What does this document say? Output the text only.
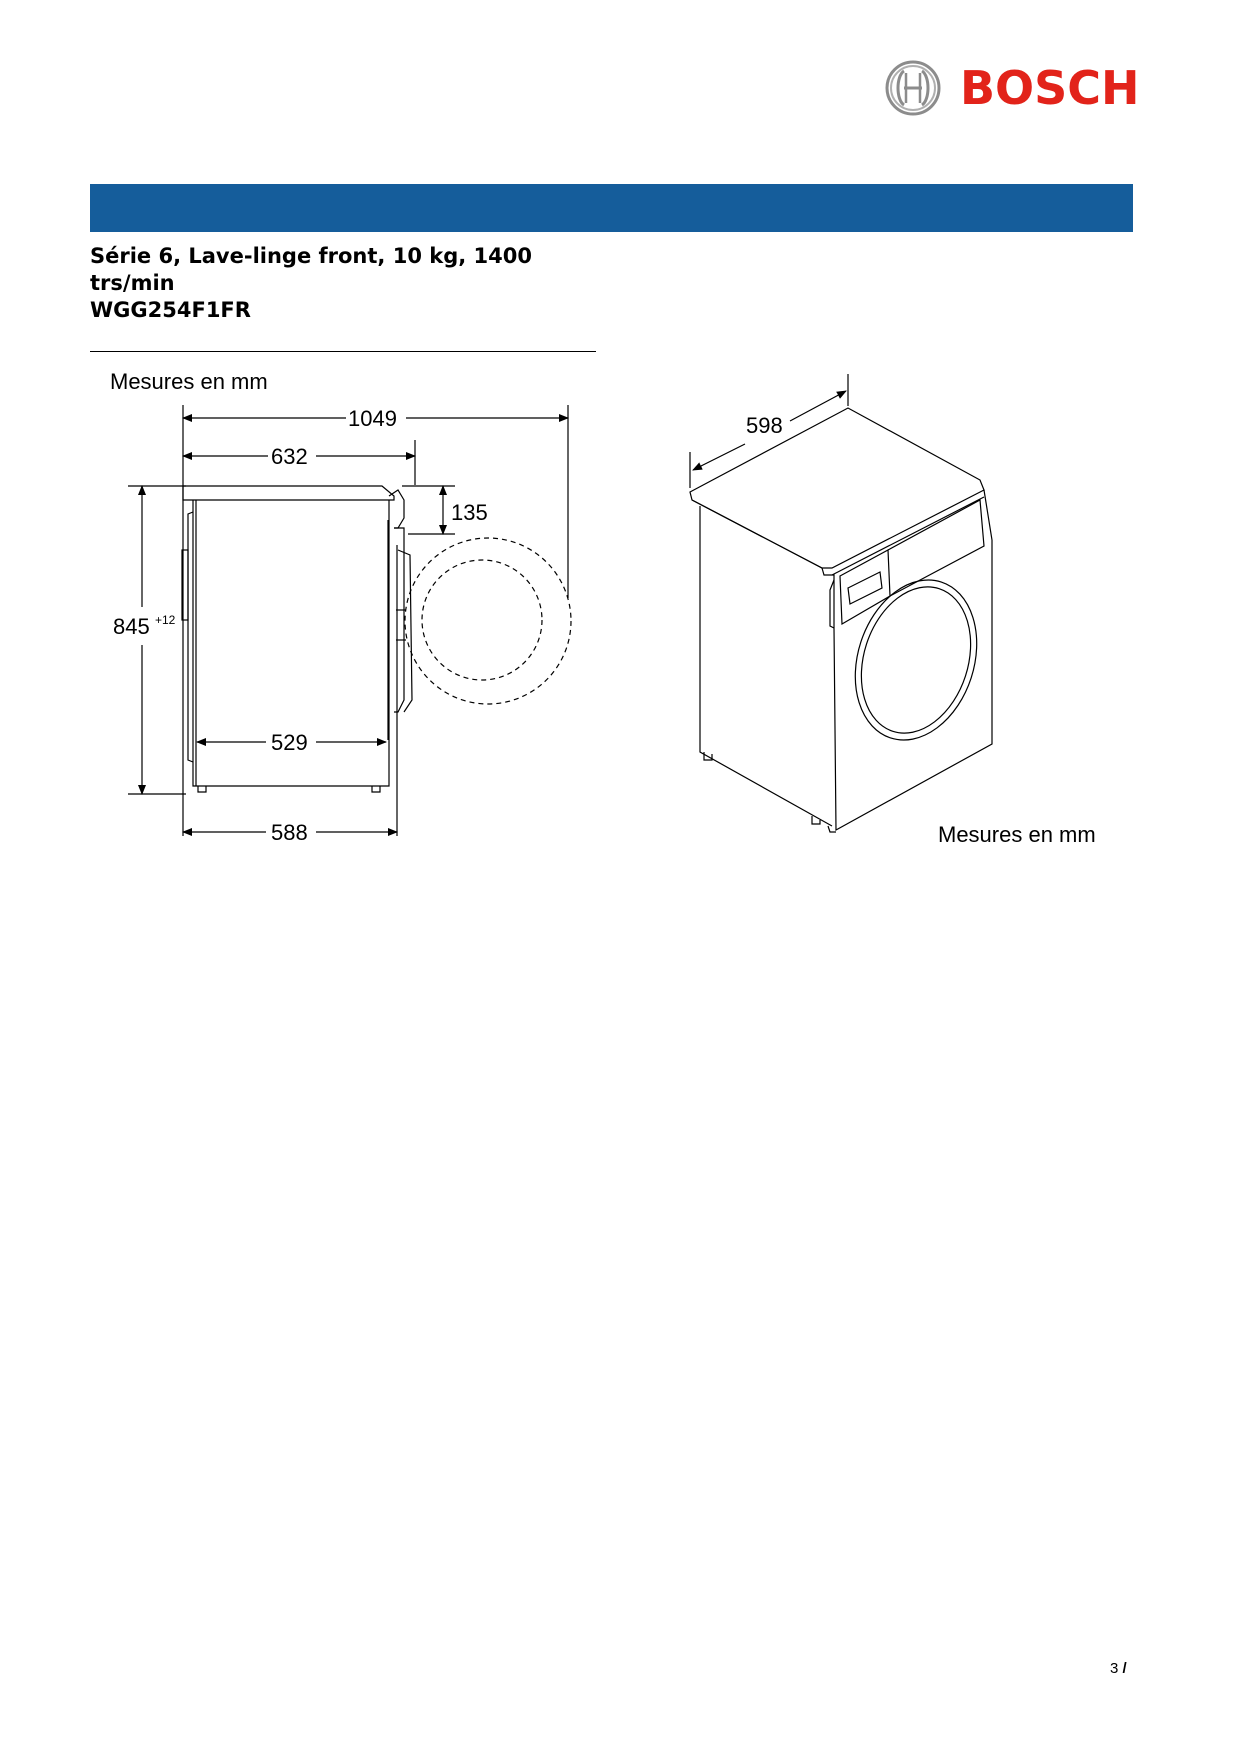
BOSCH
Série 6, Lave-linge front, 10 kg, 1400
trs/min
WGG254F1FR
Mesures en mm
1049
632
135
845 +12
529
588
598
Mesures en mm
3 /
